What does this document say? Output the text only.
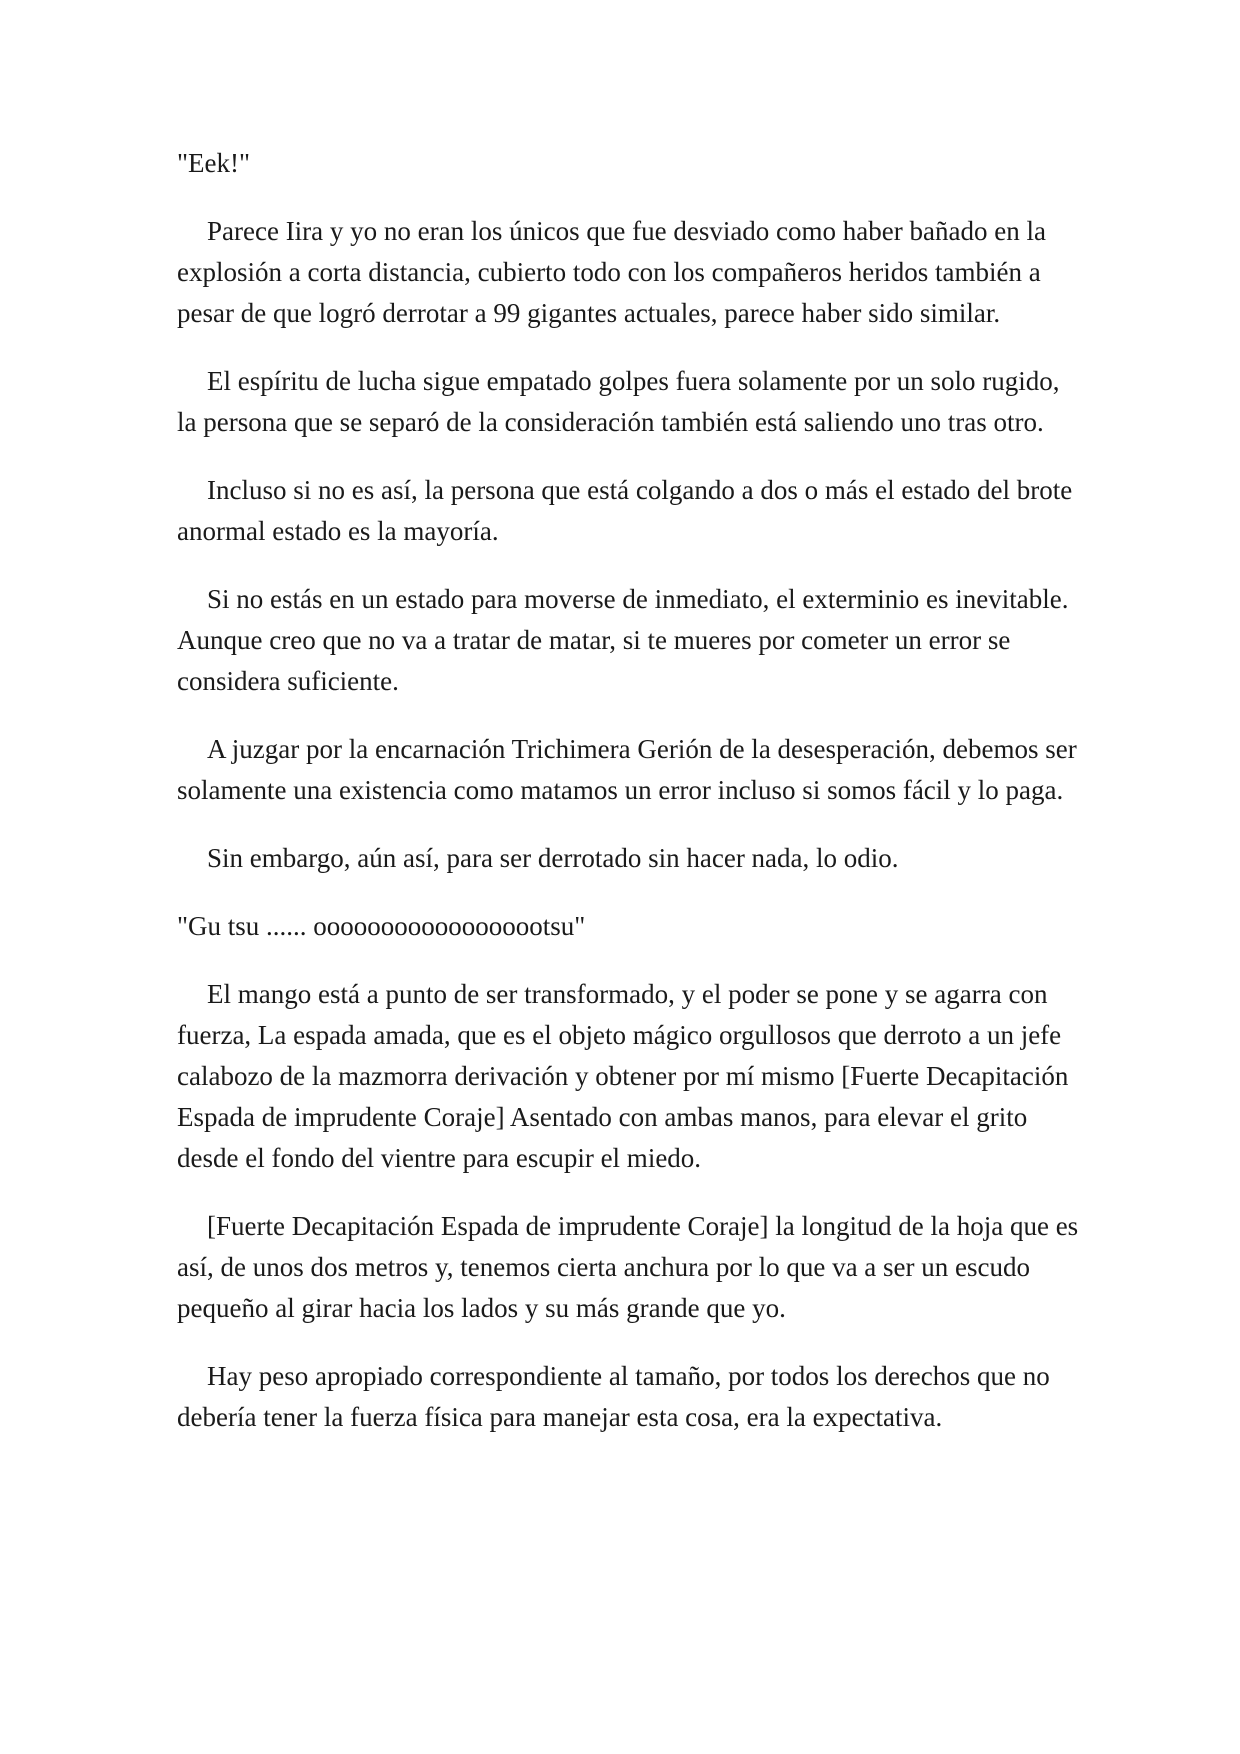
"Eek!"

Parece Iira y yo no eran los únicos que fue desviado como haber bañado en la explosión a corta distancia, cubierto todo con los compañeros heridos también a pesar de que logró derrotar a 99 gigantes actuales, parece haber sido similar.

El espíritu de lucha sigue empatado golpes fuera solamente por un solo rugido, la persona que se separó de la consideración también está saliendo uno tras otro.

Incluso si no es así, la persona que está colgando a dos o más el estado del brote anormal estado es la mayoría.

Si no estás en un estado para moverse de inmediato, el exterminio es inevitable. Aunque creo que no va a tratar de matar, si te mueres por cometer un error se considera suficiente.

A juzgar por la encarnación Trichimera Gerión de la desesperación, debemos ser solamente una existencia como matamos un error incluso si somos fácil y lo paga.

Sin embargo, aún así, para ser derrotado sin hacer nada, lo odio.

"Gu tsu ...... oooooooooooooooootsu"

El mango está a punto de ser transformado, y el poder se pone y se agarra con fuerza, La espada amada, que es el objeto mágico orgullosos que derroto a un jefe calabozo de la mazmorra derivación y obtener por mí mismo [Fuerte Decapitación Espada de imprudente Coraje] Asentado con ambas manos, para elevar el grito desde el fondo del vientre para escupir el miedo.

[Fuerte Decapitación Espada de imprudente Coraje] la longitud de la hoja que es así, de unos dos metros y, tenemos cierta anchura por lo que va a ser un escudo pequeño al girar hacia los lados y su más grande que yo.

Hay peso apropiado correspondiente al tamaño, por todos los derechos que no debería tener la fuerza física para manejar esta cosa, era la expectativa.
